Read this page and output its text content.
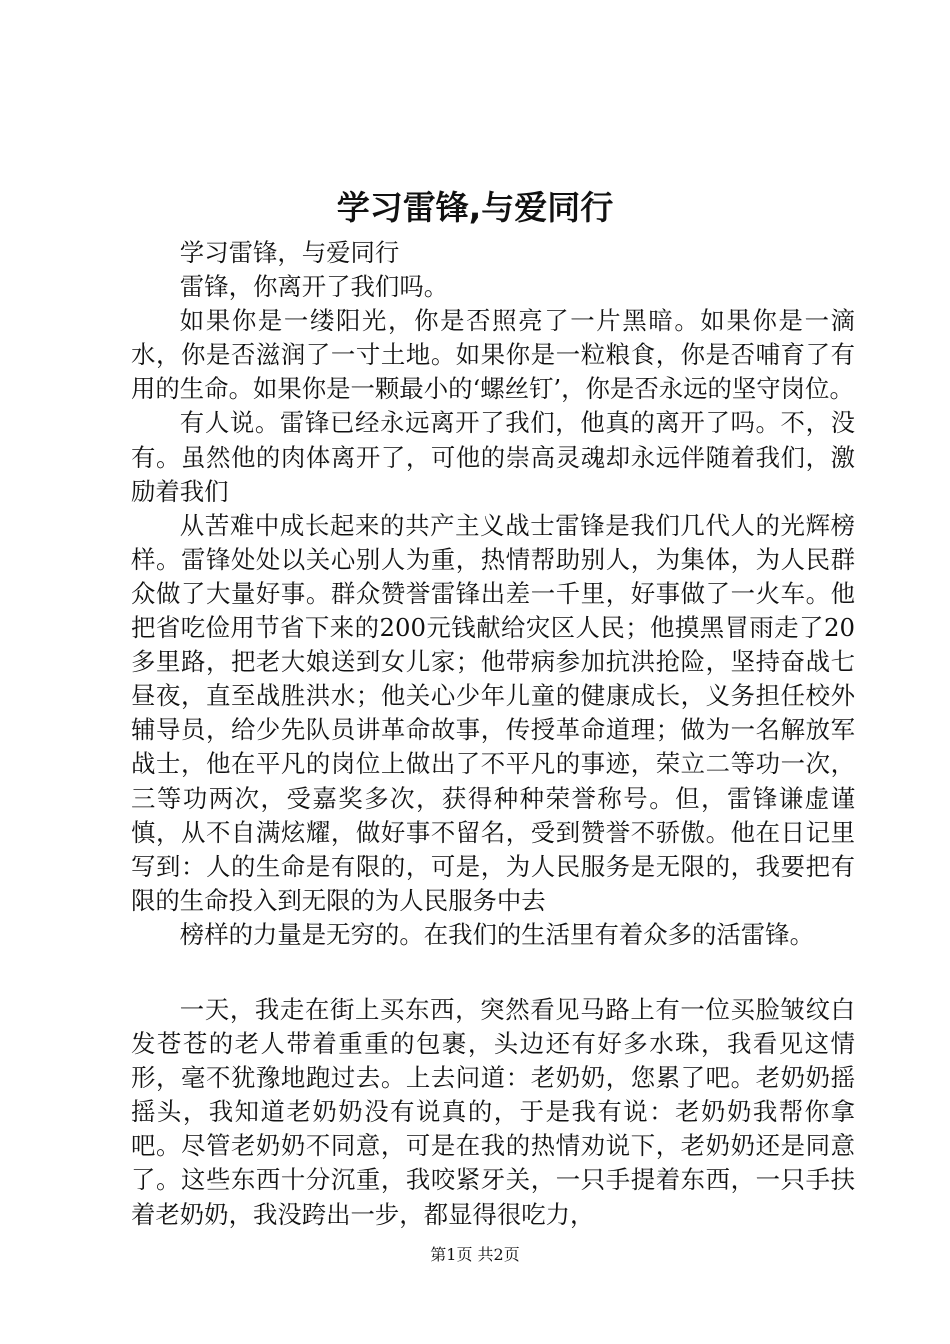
学习雷锋,与爱同行

学习雷锋，与爱同行

雷锋，你离开了我们吗。

如果你是一缕阳光，你是否照亮了一片黑暗。如果你是一滴水，你是否滋润了一寸土地。如果你是一粒粮食，你是否哺育了有用的生命。如果你是一颗最小的‘螺丝钉’，你是否永远的坚守岗位。

有人说。雷锋已经永远离开了我们，他真的离开了吗。不，没有。虽然他的肉体离开了，可他的崇高灵魂却永远伴随着我们，激励着我们

从苦难中成长起来的共产主义战士雷锋是我们几代人的光辉榜样。雷锋处处以关心别人为重，热情帮助别人，为集体，为人民群众做了大量好事。群众赞誉雷锋出差一千里，好事做了一火车。他把省吃俭用节省下来的200元钱献给灾区人民；他摸黑冒雨走了20多里路，把老大娘送到女儿家；他带病参加抗洪抢险，坚持奋战七昼夜，直至战胜洪水；他关心少年儿童的健康成长，义务担任校外辅导员，给少先队员讲革命故事，传授革命道理；做为一名解放军战士，他在平凡的岗位上做出了不平凡的事迹，荣立二等功一次，三等功两次，受嘉奖多次，获得种种荣誉称号。但，雷锋谦虚谨慎，从不自满炫耀，做好事不留名，受到赞誉不骄傲。他在日记里写到：人的生命是有限的，可是，为人民服务是无限的，我要把有限的生命投入到无限的为人民服务中去

榜样的力量是无穷的。在我们的生活里有着众多的活雷锋。

一天，我走在街上买东西，突然看见马路上有一位买脸皱纹白发苍苍的老人带着重重的包裹，头边还有好多水珠，我看见这情形，毫不犹豫地跑过去。上去问道：老奶奶，您累了吧。老奶奶摇摇头，我知道老奶奶没有说真的，于是我有说：老奶奶我帮你拿吧。尽管老奶奶不同意，可是在我的热情劝说下，老奶奶还是同意了。这些东西十分沉重，我咬紧牙关，一只手提着东西，一只手扶着老奶奶，我没跨出一步，都显得很吃力，

第1页 共2页
